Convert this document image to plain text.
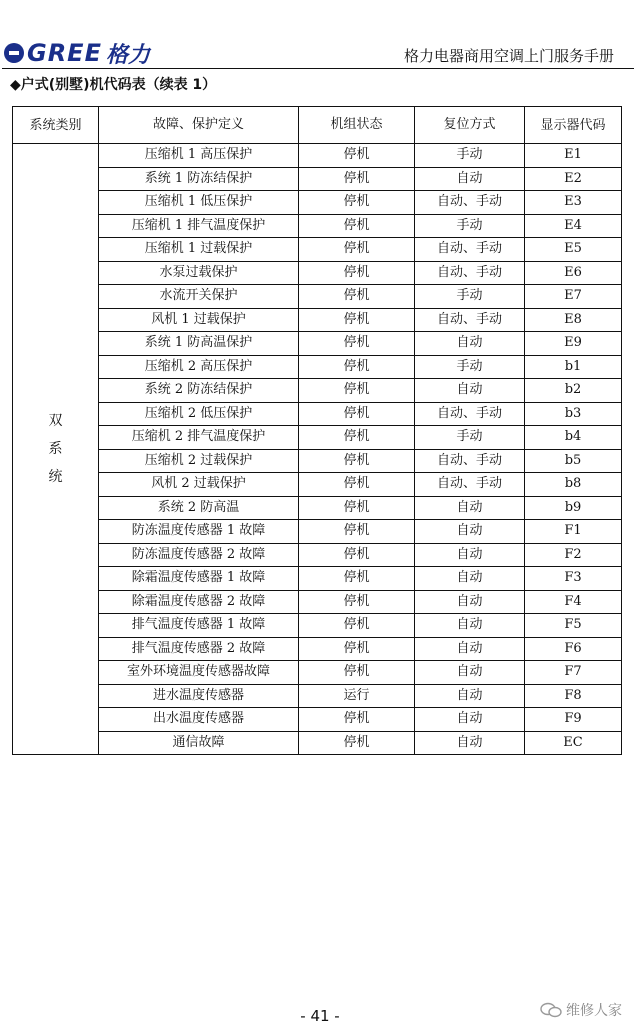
GREE 格力	格力电器商用空调上门服务手册
◆户式(别墅)机代码表（续表 1）
系统类别	故障、保护定义	机组状态	复位方式	显示器代码

双
系
统	压缩机 1 高压保护	停机	手动	E1
	系统 1 防冻结保护	停机	自动	E2
	压缩机 1 低压保护	停机	自动、手动	E3
	压缩机 1 排气温度保护	停机	手动	E4
	压缩机 1 过载保护	停机	自动、手动	E5
	水泵过载保护	停机	自动、手动	E6
	水流开关保护	停机	手动	E7
	风机 1 过载保护	停机	自动、手动	E8
	系统 1 防高温保护	停机	自动	E9
	压缩机 2 高压保护	停机	手动	b1
	系统 2 防冻结保护	停机	自动	b2
	压缩机 2 低压保护	停机	自动、手动	b3
	压缩机 2 排气温度保护	停机	手动	b4
	压缩机 2 过载保护	停机	自动、手动	b5
	风机 2 过载保护	停机	自动、手动	b8
	系统 2 防高温	停机	自动	b9
	防冻温度传感器 1 故障	停机	自动	F1
	防冻温度传感器 2 故障	停机	自动	F2
	除霜温度传感器 1 故障	停机	自动	F3
	除霜温度传感器 2 故障	停机	自动	F4
	排气温度传感器 1 故障	停机	自动	F5
	排气温度传感器 2 故障	停机	自动	F6
	室外环境温度传感器故障	停机	自动	F7
	进水温度传感器	运行	自动	F8
	出水温度传感器	停机	自动	F9
	通信故障	停机	自动	EC
- 41 -	维修人家
